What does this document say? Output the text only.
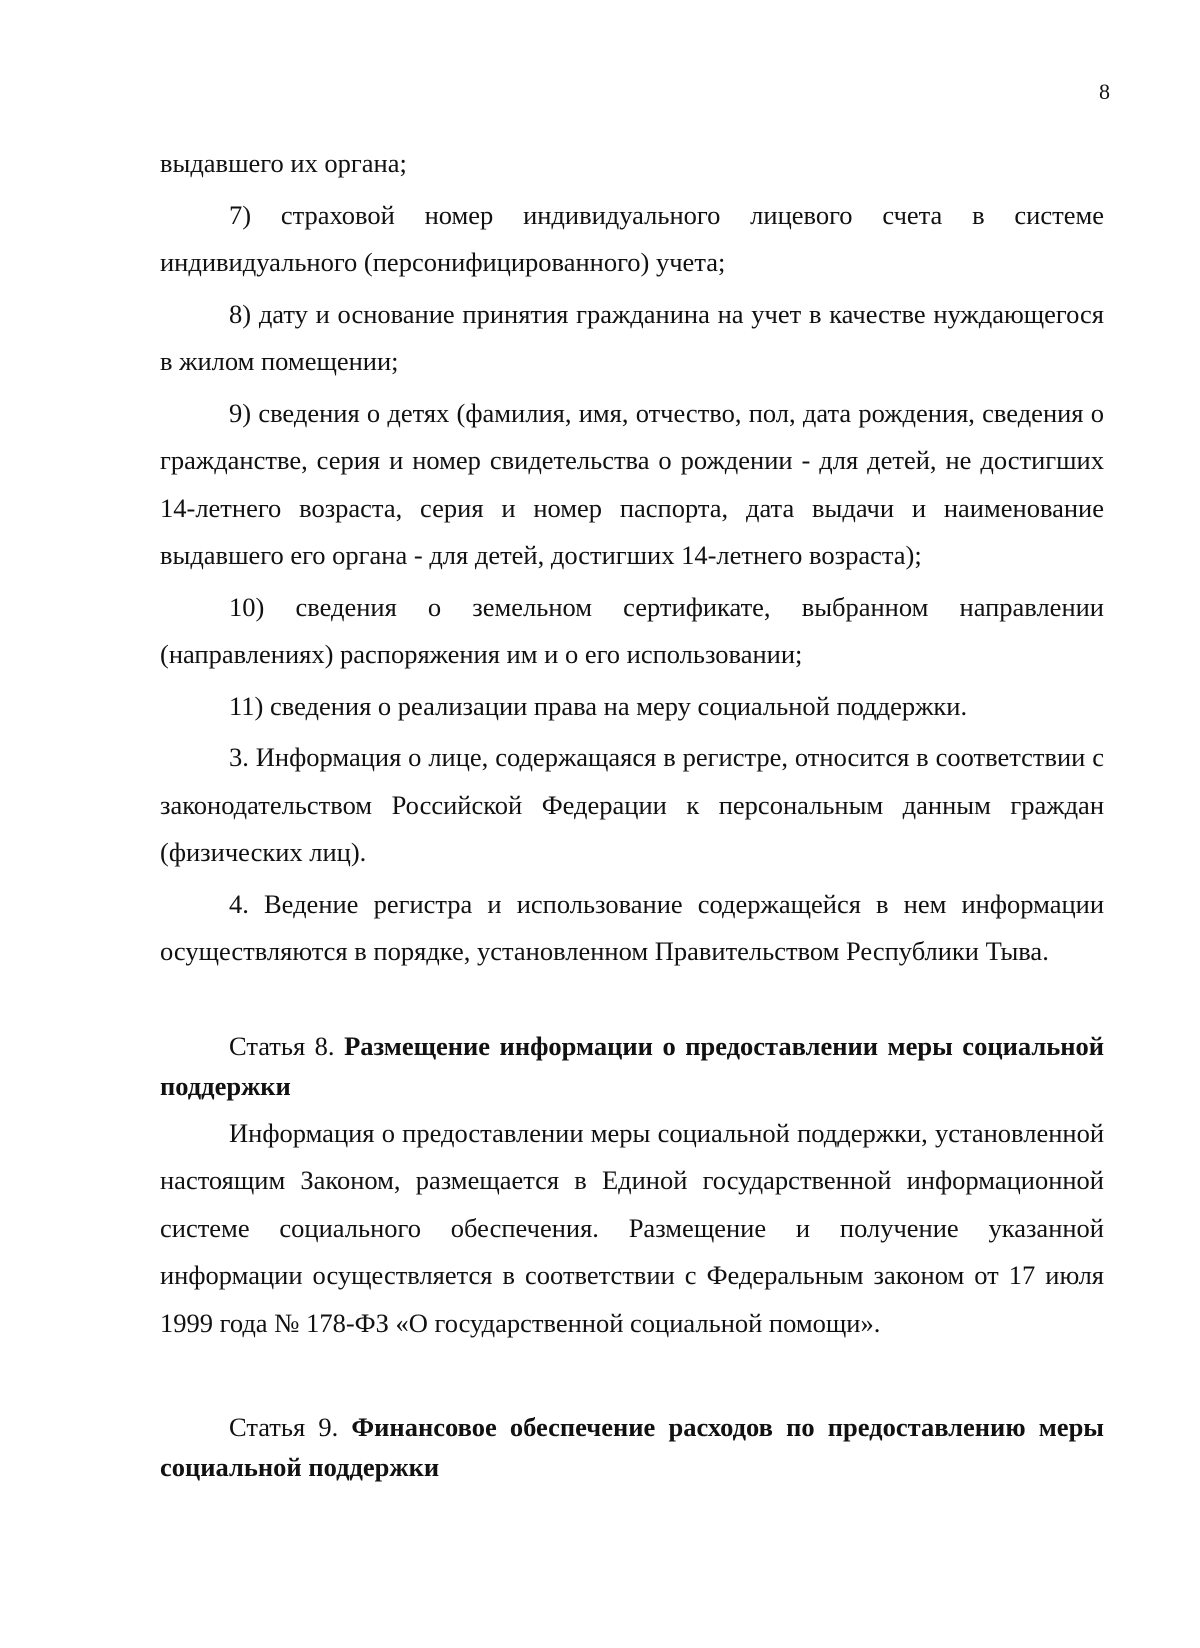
8

выдавшего их органа;

7) страховой номер индивидуального лицевого счета в системе индивидуального (персонифицированного) учета;

8) дату и основание принятия гражданина на учет в качестве нуждающегося в жилом помещении;

9) сведения о детях (фамилия, имя, отчество, пол, дата рождения, сведения о гражданстве, серия и номер свидетельства о рождении - для детей, не достигших 14-летнего возраста, серия и номер паспорта, дата выдачи и наименование выдавшего его органа - для детей, достигших 14-летнего возраста);

10) сведения о земельном сертификате, выбранном направлении (направлениях) распоряжения им и о его использовании;

11) сведения о реализации права на меру социальной поддержки.

3. Информация о лице, содержащаяся в регистре, относится в соответствии с законодательством Российской Федерации к персональным данным граждан (физических лиц).

4. Ведение регистра и использование содержащейся в нем информации осуществляются в порядке, установленном Правительством Республики Тыва.

Статья 8. Размещение информации о предоставлении меры социальной поддержки

Информация о предоставлении меры социальной поддержки, установленной настоящим Законом, размещается в Единой государственной информационной системе социального обеспечения. Размещение и получение указанной информации осуществляется в соответствии с Федеральным законом от 17 июля 1999 года № 178-ФЗ «О государственной социальной помощи».

Статья 9. Финансовое обеспечение расходов по предоставлению меры социальной поддержки
